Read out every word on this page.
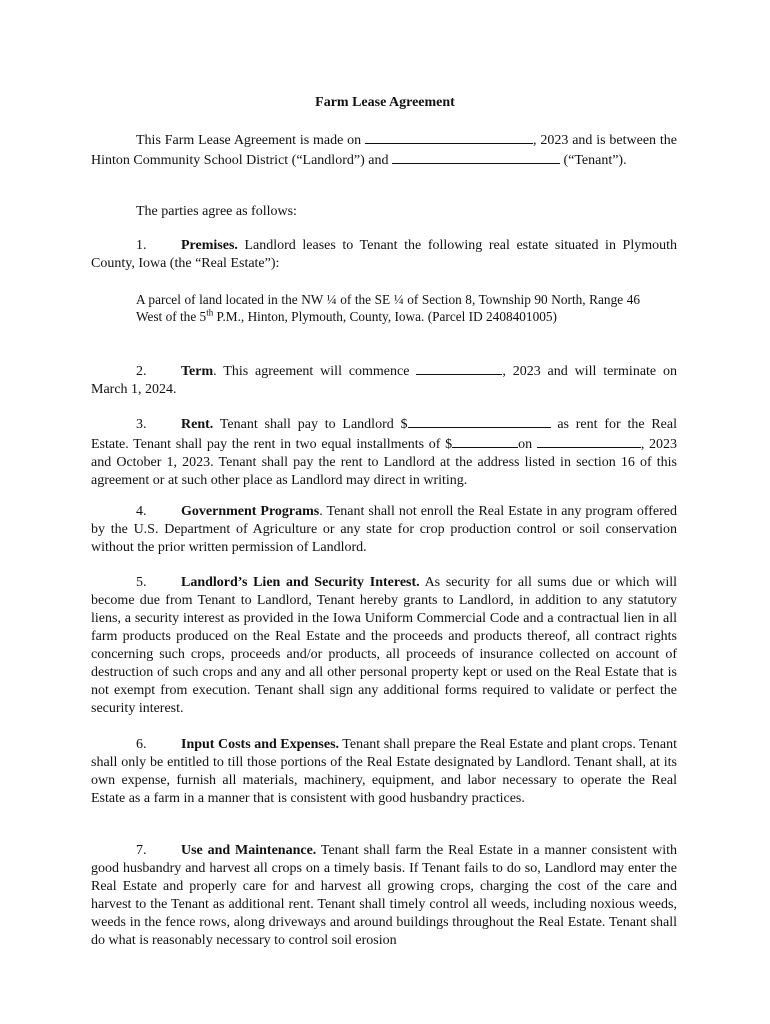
Farm Lease Agreement
This Farm Lease Agreement is made on	, 2023 and is between the Hinton Community School District (“Landlord”) and	(“Tenant”).
The parties agree as follows:
1. Premises. Landlord leases to Tenant the following real estate situated in Plymouth County, Iowa (the “Real Estate”):
A parcel of land located in the NW ¼ of the SE ¼ of Section 8, Township 90 North, Range 46 West of the 5th P.M., Hinton, Plymouth, County, Iowa. (Parcel ID 2408401005)
2. Term. This agreement will commence	, 2023 and will terminate on March 1, 2024.
3. Rent. Tenant shall pay to Landlord $	as rent for the Real Estate. Tenant shall pay the rent in two equal installments of $	on	, 2023 and October 1, 2023. Tenant shall pay the rent to Landlord at the address listed in section 16 of this agreement or at such other place as Landlord may direct in writing.
4. Government Programs. Tenant shall not enroll the Real Estate in any program offered by the U.S. Department of Agriculture or any state for crop production control or soil conservation without the prior written permission of Landlord.
5. Landlord’s Lien and Security Interest. As security for all sums due or which will become due from Tenant to Landlord, Tenant hereby grants to Landlord, in addition to any statutory liens, a security interest as provided in the Iowa Uniform Commercial Code and a contractual lien in all farm products produced on the Real Estate and the proceeds and products thereof, all contract rights concerning such crops, proceeds and/or products, all proceeds of insurance collected on account of destruction of such crops and any and all other personal property kept or used on the Real Estate that is not exempt from execution. Tenant shall sign any additional forms required to validate or perfect the security interest.
6. Input Costs and Expenses. Tenant shall prepare the Real Estate and plant crops. Tenant shall only be entitled to till those portions of the Real Estate designated by Landlord. Tenant shall, at its own expense, furnish all materials, machinery, equipment, and labor necessary to operate the Real Estate as a farm in a manner that is consistent with good husbandry practices.
7. Use and Maintenance. Tenant shall farm the Real Estate in a manner consistent with good husbandry and harvest all crops on a timely basis. If Tenant fails to do so, Landlord may enter the Real Estate and properly care for and harvest all growing crops, charging the cost of the care and harvest to the Tenant as additional rent. Tenant shall timely control all weeds, including noxious weeds, weeds in the fence rows, along driveways and around buildings throughout the Real Estate. Tenant shall do what is reasonably necessary to control soil erosion
